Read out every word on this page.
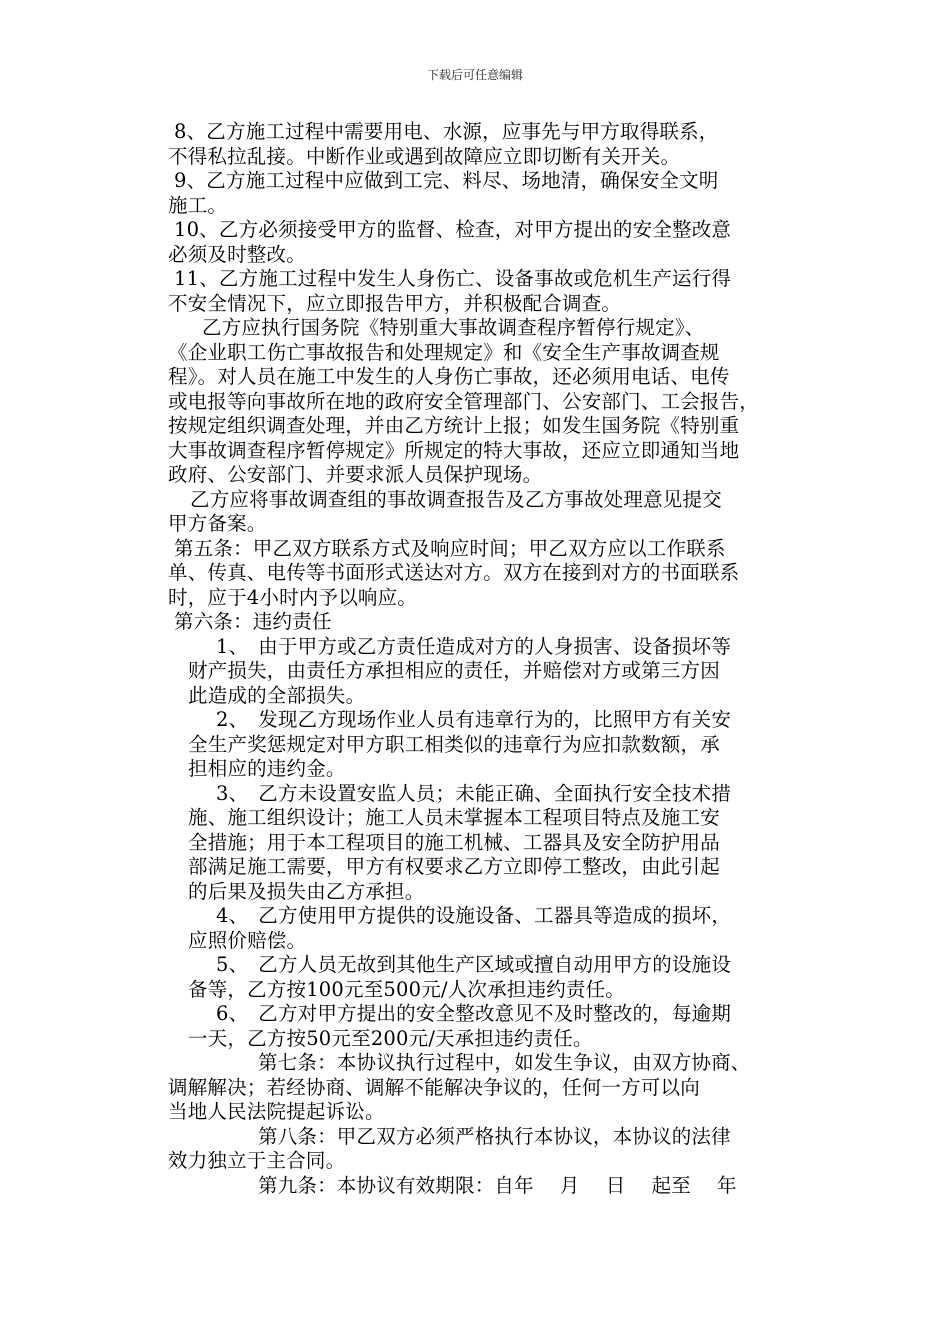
下载后可任意编辑
8、乙方施工过程中需要用电、水源，应事先与甲方取得联系，
不得私拉乱接。中断作业或遇到故障应立即切断有关开关。
9、乙方施工过程中应做到工完、料尽、场地清，确保安全文明
施工。
10、乙方必须接受甲方的监督、检查，对甲方提出的安全整改意
必须及时整改。
11、乙方施工过程中发生人身伤亡、设备事故或危机生产运行得
不安全情况下，应立即报告甲方，并积极配合调查。
乙方应执行国务院《特别重大事故调查程序暂停行规定》、
《企业职工伤亡事故报告和处理规定》和《安全生产事故调查规
程》。对人员在施工中发生的人身伤亡事故，还必须用电话、电传
或电报等向事故所在地的政府安全管理部门、公安部门、工会报告，
按规定组织调查处理，并由乙方统计上报；如发生国务院《特别重
大事故调查程序暂停规定》所规定的特大事故，还应立即通知当地
政府、公安部门、并要求派人员保护现场。
乙方应将事故调查组的事故调查报告及乙方事故处理意见提交
甲方备案。
第五条：甲乙双方联系方式及响应时间；甲乙双方应以工作联系
单、传真、电传等书面形式送达对方。双方在接到对方的书面联系
时，应于4小时内予以响应。
第六条：违约责任
1、　由于甲方或乙方责任造成对方的人身损害、设备损坏等
财产损失，由责任方承担相应的责任，并赔偿对方或第三方因
此造成的全部损失。
2、　发现乙方现场作业人员有违章行为的，比照甲方有关安
全生产奖惩规定对甲方职工相类似的违章行为应扣款数额，承
担相应的违约金。
3、　乙方未设置安监人员；未能正确、全面执行安全技术措
施、施工组织设计；施工人员未掌握本工程项目特点及施工安
全措施；用于本工程项目的施工机械、工器具及安全防护用品
部满足施工需要，甲方有权要求乙方立即停工整改，由此引起
的后果及损失由乙方承担。
4、　乙方使用甲方提供的设施设备、工器具等造成的损坏，
应照价赔偿。
5、　乙方人员无故到其他生产区域或擅自动用甲方的设施设
备等，乙方按100元至500元/人次承担违约责任。
6、　乙方对甲方提出的安全整改意见不及时整改的，每逾期
一天，乙方按50元至200元/天承担违约责任。
第七条：本协议执行过程中，如发生争议，由双方协商、
调解解决；若经协商、调解不能解决争议的，任何一方可以向
当地人民法院提起诉讼。
第八条：甲乙双方必须严格执行本协议，本协议的法律
效力独立于主合同。
第九条：本协议有效期限：自年　 月　 日　 起至　 年
